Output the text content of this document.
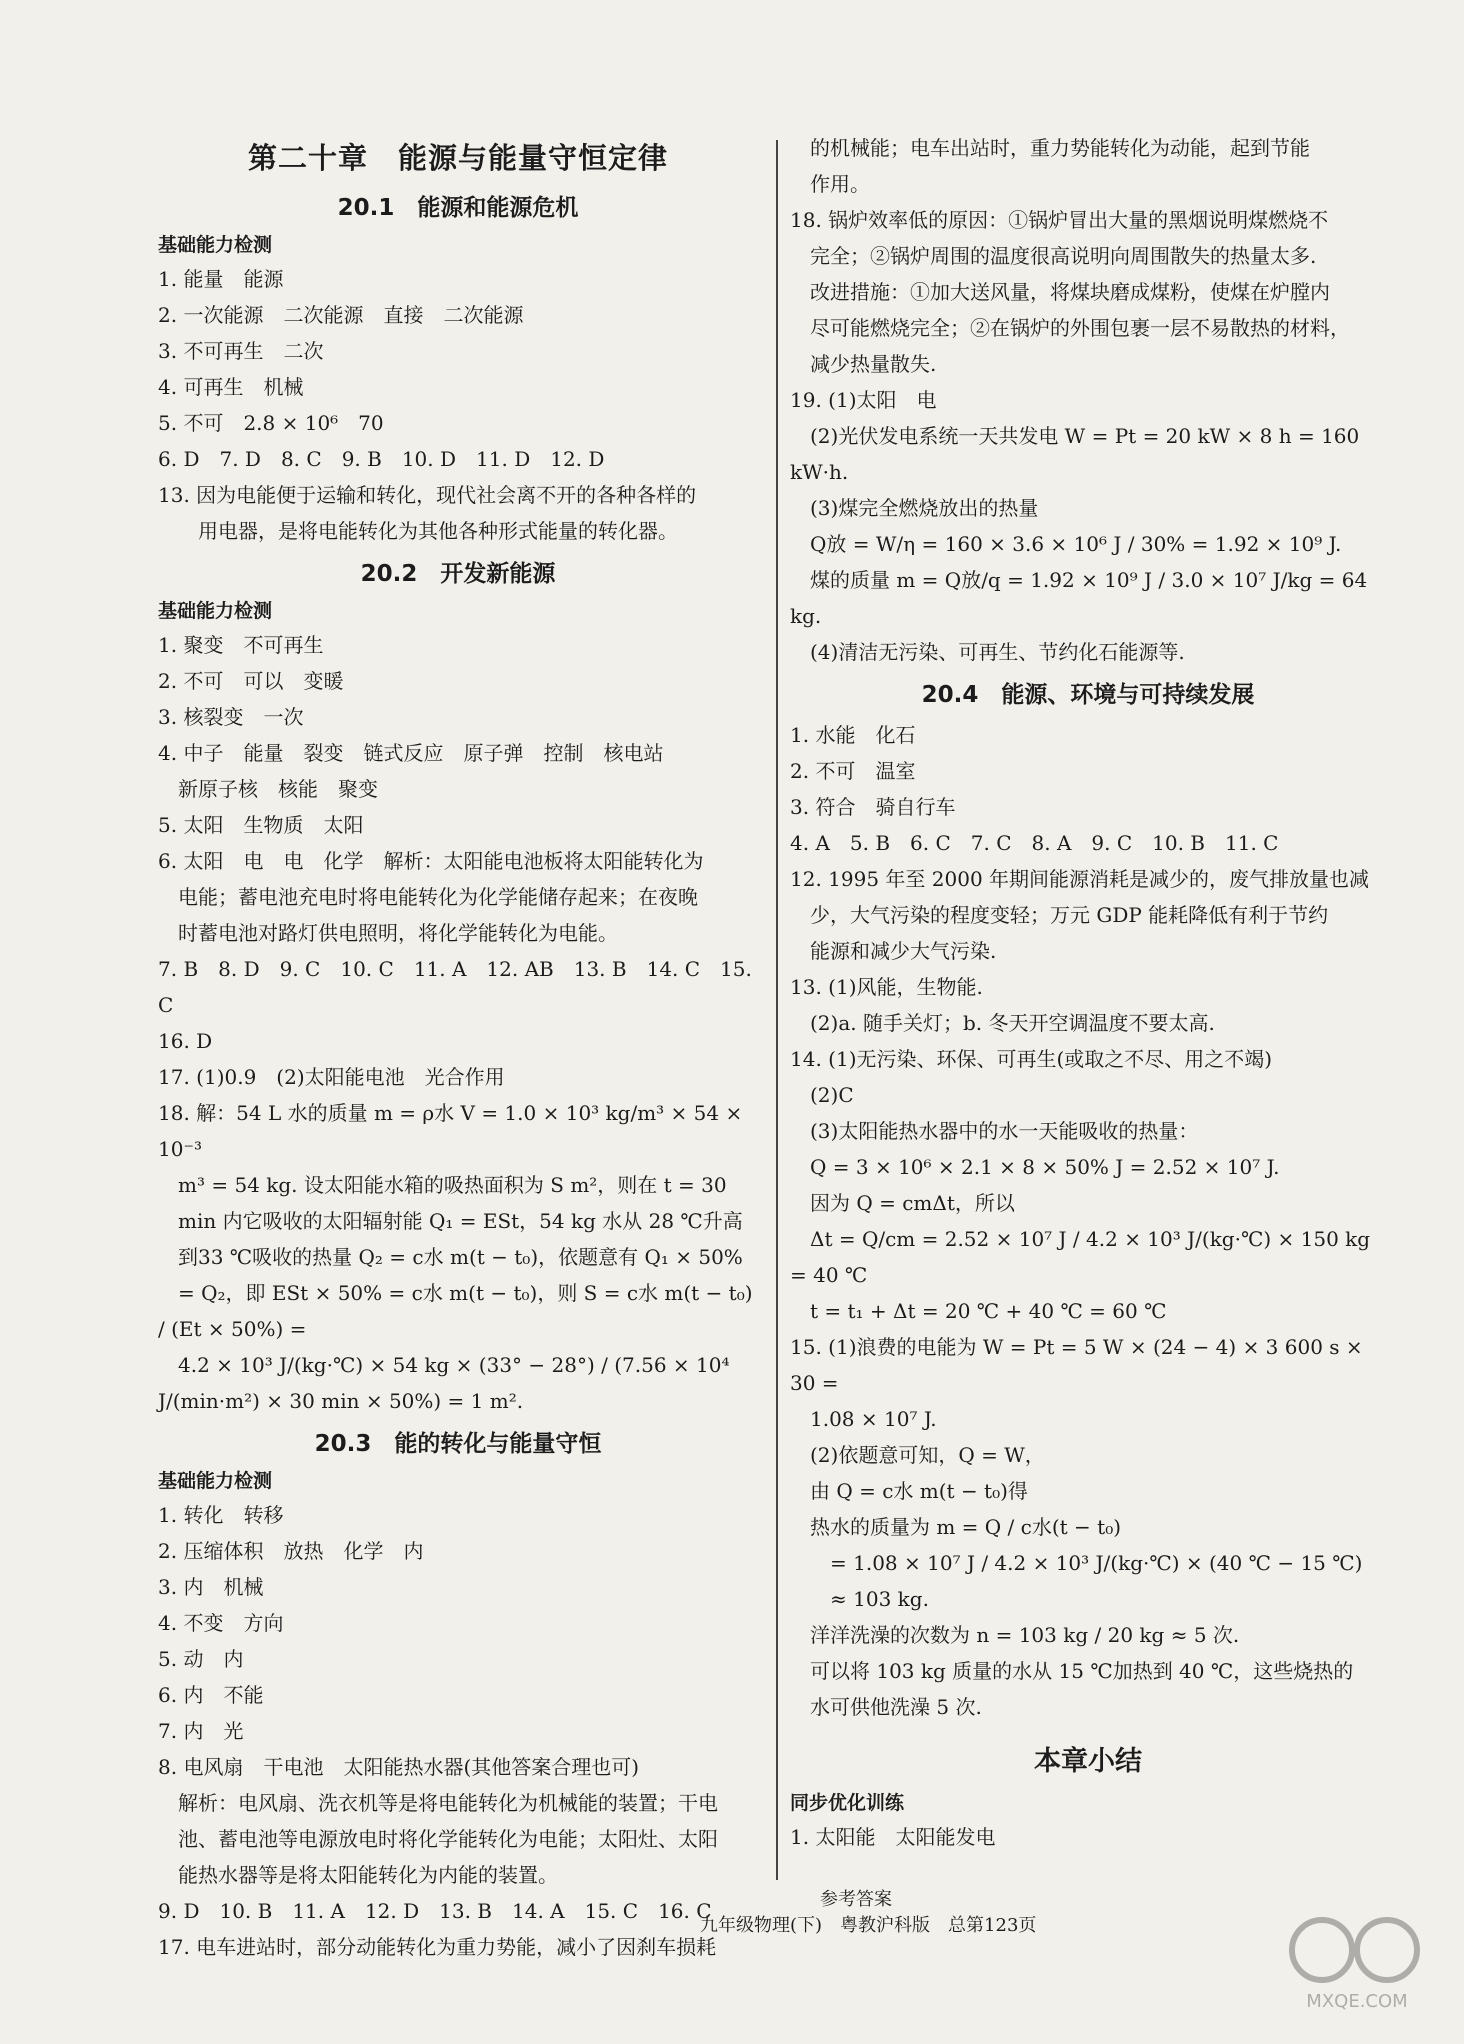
第二十章　能源与能量守恒定律
20.1　能源和能源危机
基础能力检测

1. 能量　能源

2. 一次能源　二次能源　直接　二次能源

3. 不可再生　二次

4. 可再生　机械

5. 不可　2.8 × 10⁶　70

6. D　7. D　8. C　9. B　10. D　11. D　12. D

13. 因为电能便于运输和转化，现代社会离不开的各种各样的

　　用电器，是将电能转化为其他各种形式能量的转化器。

20.2　开发新能源
基础能力检测

1. 聚变　不可再生

2. 不可　可以　变暖

3. 核裂变　一次

4. 中子　能量　裂变　链式反应　原子弹　控制　核电站

　新原子核　核能　聚变

5. 太阳　生物质　太阳

6. 太阳　电　电　化学　解析：太阳能电池板将太阳能转化为

　电能；蓄电池充电时将电能转化为化学能储存起来；在夜晚

　时蓄电池对路灯供电照明，将化学能转化为电能。

7. B　8. D　9. C　10. C　11. A　12. AB　13. B　14. C　15. C

16. D

17. (1)0.9　(2)太阳能电池　光合作用

18. 解：54 L 水的质量 m = ρ水 V = 1.0 × 10³ kg/m³ × 54 × 10⁻³

　m³ = 54 kg. 设太阳能水箱的吸热面积为 S m²，则在 t = 30

　min 内它吸收的太阳辐射能 Q₁ = ESt，54 kg 水从 28 ℃升高

　到33 ℃吸收的热量 Q₂ = c水 m(t − t₀)，依题意有 Q₁ × 50%

　= Q₂，即 ESt × 50% = c水 m(t − t₀)，则 S = c水 m(t − t₀) / (Et × 50%) =

　4.2 × 10³ J/(kg·℃) × 54 kg × (33° − 28°) / (7.56 × 10⁴ J/(min·m²) × 30 min × 50%) = 1 m².

20.3　能的转化与能量守恒
基础能力检测

1. 转化　转移

2. 压缩体积　放热　化学　内

3. 内　机械

4. 不变　方向

5. 动　内

6. 内　不能

7. 内　光

8. 电风扇　干电池　太阳能热水器(其他答案合理也可)

　解析：电风扇、洗衣机等是将电能转化为机械能的装置；干电

　池、蓄电池等电源放电时将化学能转化为电能；太阳灶、太阳

　能热水器等是将太阳能转化为内能的装置。

9. D　10. B　11. A　12. D　13. B　14. A　15. C　16. C

17. 电车进站时，部分动能转化为重力势能，减小了因刹车损耗

　的机械能；电车出站时，重力势能转化为动能，起到节能

　作用。

18. 锅炉效率低的原因：①锅炉冒出大量的黑烟说明煤燃烧不

　完全；②锅炉周围的温度很高说明向周围散失的热量太多.

　改进措施：①加大送风量，将煤块磨成煤粉，使煤在炉膛内

　尽可能燃烧完全；②在锅炉的外围包裹一层不易散热的材料，

　减少热量散失.

19. (1)太阳　电

　(2)光伏发电系统一天共发电 W = Pt = 20 kW × 8 h = 160 kW·h.

　(3)煤完全燃烧放出的热量

　Q放 = W/η = 160 × 3.6 × 10⁶ J / 30% = 1.92 × 10⁹ J.

　煤的质量 m = Q放/q = 1.92 × 10⁹ J / 3.0 × 10⁷ J/kg = 64 kg.

　(4)清洁无污染、可再生、节约化石能源等.

20.4　能源、环境与可持续发展

1. 水能　化石

2. 不可　温室

3. 符合　骑自行车

4. A　5. B　6. C　7. C　8. A　9. C　10. B　11. C

12. 1995 年至 2000 年期间能源消耗是减少的，废气排放量也减

　少，大气污染的程度变轻；万元 GDP 能耗降低有利于节约

　能源和减少大气污染.

13. (1)风能，生物能.

　(2)a. 随手关灯；b. 冬天开空调温度不要太高.

14. (1)无污染、环保、可再生(或取之不尽、用之不竭)

　(2)C

　(3)太阳能热水器中的水一天能吸收的热量：

　Q = 3 × 10⁶ × 2.1 × 8 × 50% J = 2.52 × 10⁷ J.

　因为 Q = cmΔt，所以

　Δt = Q/cm = 2.52 × 10⁷ J / 4.2 × 10³ J/(kg·℃) × 150 kg = 40 ℃

　t = t₁ + Δt = 20 ℃ + 40 ℃ = 60 ℃

15. (1)浪费的电能为 W = Pt = 5 W × (24 − 4) × 3 600 s × 30 =

　1.08 × 10⁷ J.

　(2)依题意可知，Q = W，

　由 Q = c水 m(t − t₀)得

　热水的质量为 m = Q / c水(t − t₀)

　　= 1.08 × 10⁷ J / 4.2 × 10³ J/(kg·℃) × (40 ℃ − 15 ℃)

　　≈ 103 kg.

　洋洋洗澡的次数为 n = 103 kg / 20 kg ≈ 5 次.

　可以将 103 kg 质量的水从 15 ℃加热到 40 ℃，这些烧热的

　水可供他洗澡 5 次.

本章小结
同步优化训练

1. 太阳能　太阳能发电

参考答案
九年级物理(下)　粤教沪科版　总第123页
MXQE.COM
